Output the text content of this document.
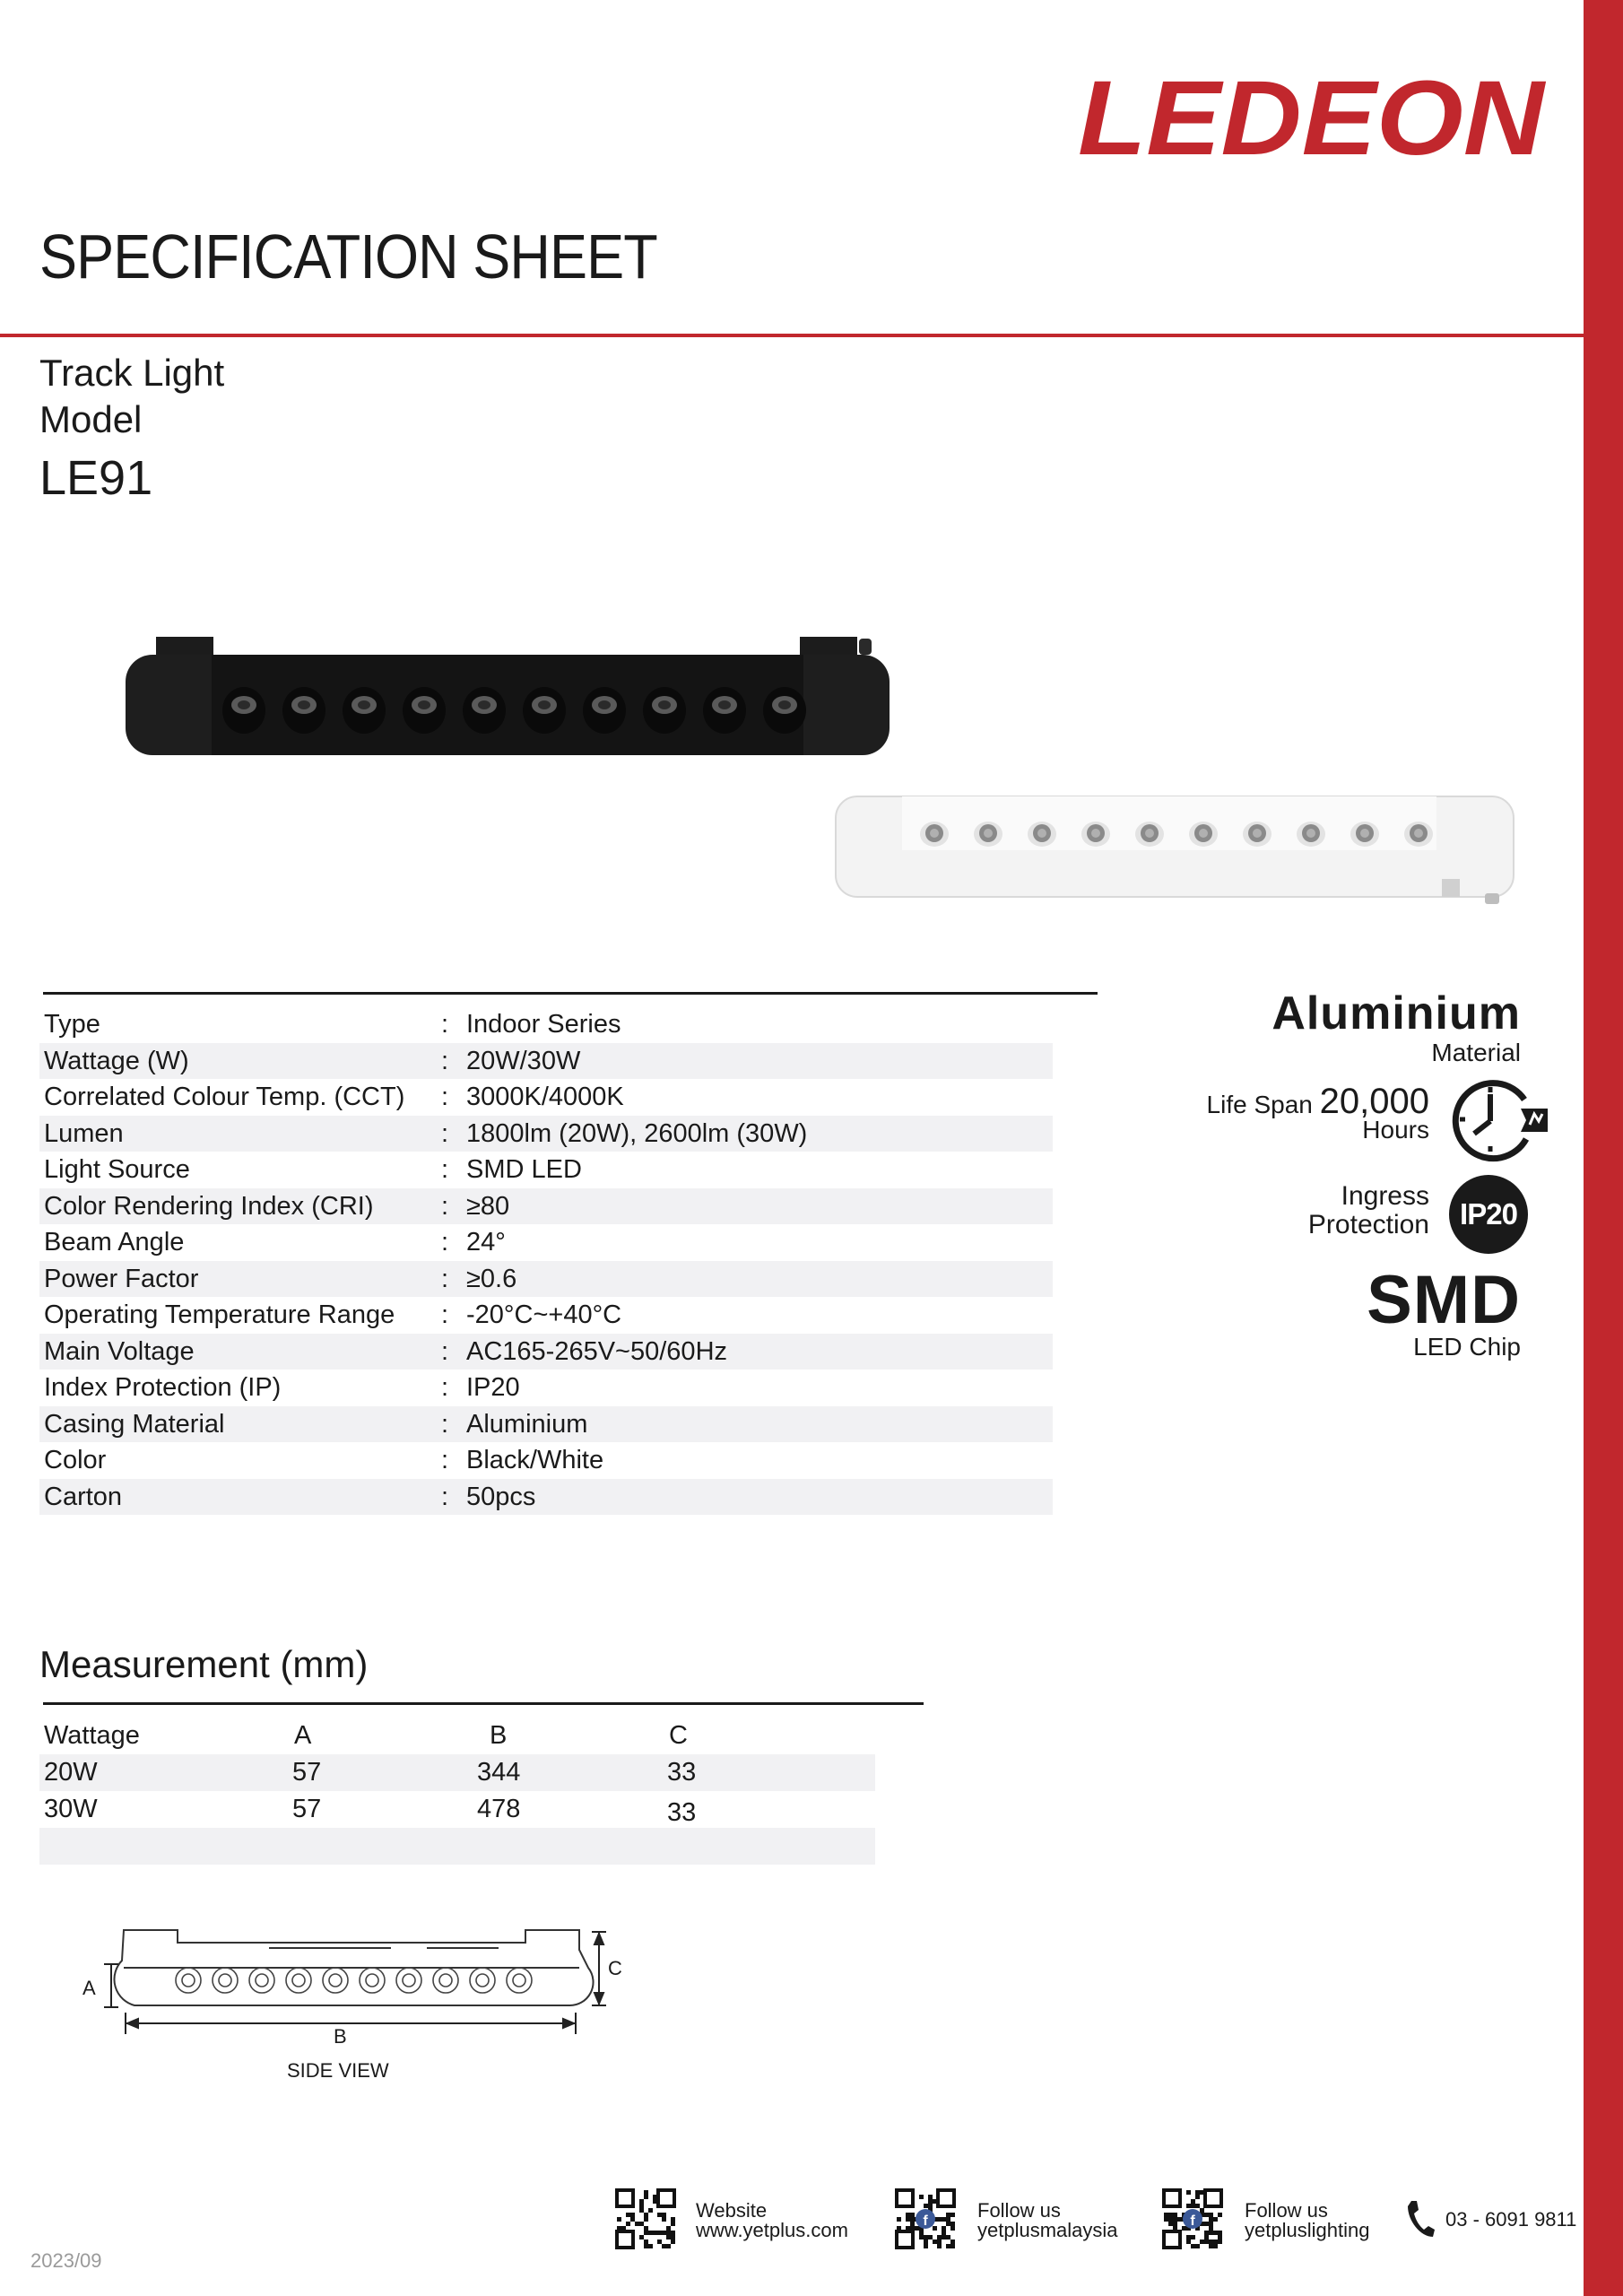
LEDEON
SPECIFICATION SHEET
Track Light
Model
LE91
Type	: Indoor Series
Wattage (W)	: 20W/30W
Correlated Colour Temp. (CCT) : 3000K/4000K
Lumen	: 1800lm (20W), 2600lm (30W)
Light Source	: SMD LED
Color Rendering Index (CRI)	: ≥80
Beam Angle	: 24°
Power Factor	: ≥0.6
Operating Temperature Range : -20°C~+40°C
Main Voltage	: AC165-265V~50/60Hz
Index Protection (IP)	: IP20
Casing Material	: Aluminium
Color	: Black/White
Carton	: 50pcs
Aluminium
Material
Life Span 20,000
Hours
Ingress
Protection	IP20
SMD
LED Chip
Measurement (mm)
Wattage	A	B	C
20W	57	344	33
30W	57	478	33
A
C
B
SIDE VIEW
2023/09
Website
www.yetplus.com	f	Follow us
yetplusmalaysia	f	Follow us
yetpluslighting	03 - 6091 9811
